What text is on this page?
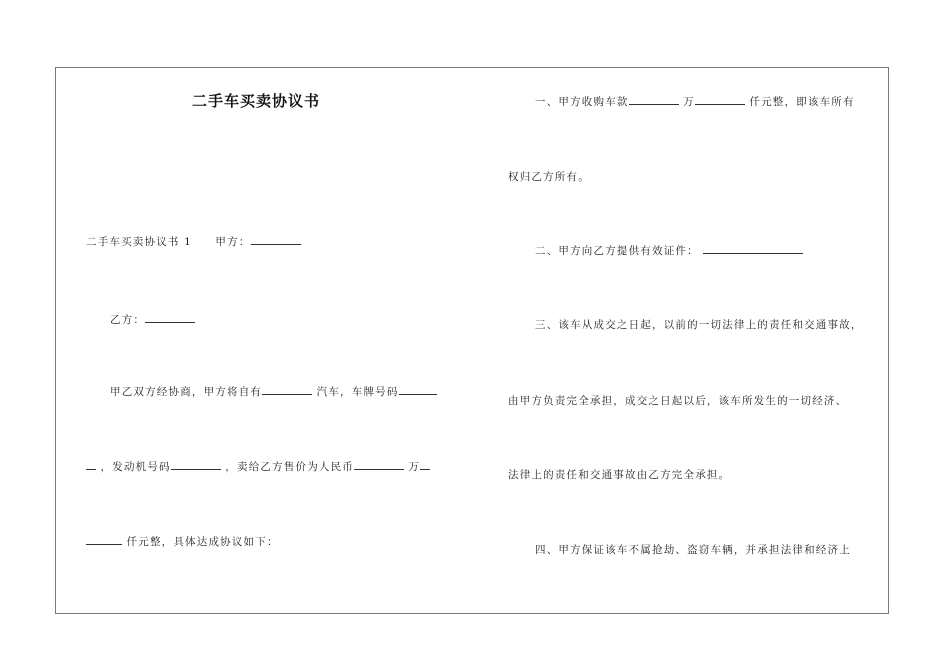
二手车买卖协议书
二手车买卖协议书 1　　甲方：
乙方：
甲乙双方经协商，甲方将自有	汽车，车牌号码
，发动机号码	，卖给乙方售价为人民币	万
仟元整，具体达成协议如下：
一、甲方收购车款	万	仟元整，即该车所有
权归乙方所有。
二、甲方向乙方提供有效证件：
三、该车从成交之日起，以前的一切法律上的责任和交通事故，
由甲方负责完全承担，成交之日起以后，该车所发生的一切经济、
法律上的责任和交通事故由乙方完全承担。
四、甲方保证该车不属抢劫、盗窃车辆，并承担法律和经济上
